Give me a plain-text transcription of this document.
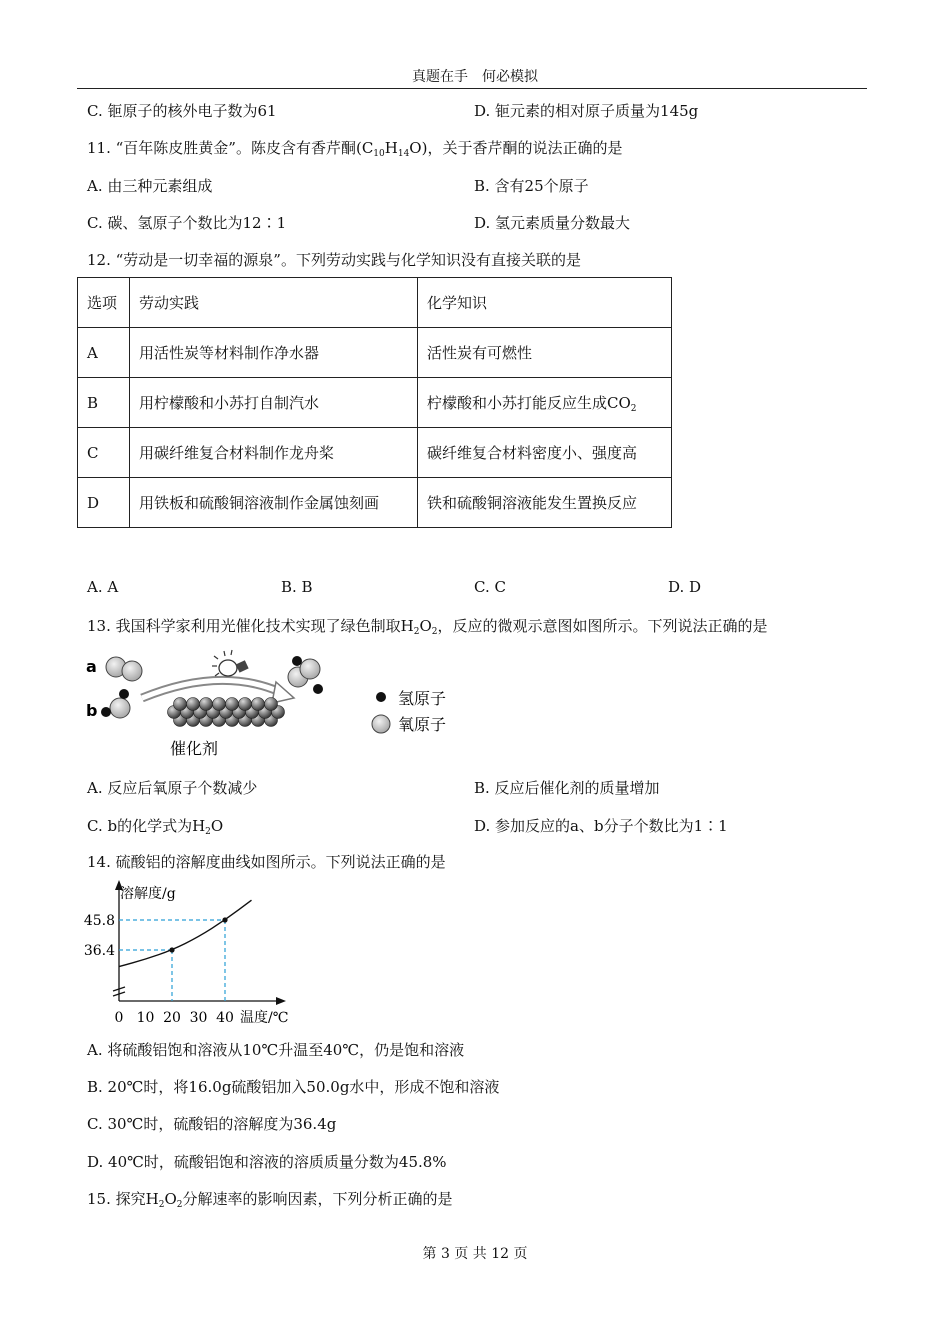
真题在手　何必模拟
C. 钷原子的核外电子数为61	D. 钷元素的相对原子质量为145g
11. “百年陈皮胜黄金”。陈皮含有香芹酮$(C_{10}H_{14}O)$，关于香芹酮的说法正确的是
A. 由三种元素组成	B. 含有25个原子
C. 碳、氢原子个数比为12∶1	D. 氢元素质量分数最大
12. “劳动是一切幸福的源泉”。下列劳动实践与化学知识没有直接关联的是
选项	劳动实践	化学知识
A	用活性炭等材料制作净水器	活性炭有可燃性
B	用柠檬酸和小苏打自制汽水	柠檬酸和小苏打能反应生成$CO_2$
C	用碳纤维复合材料制作龙舟桨	碳纤维复合材料密度小、强度高
D	用铁板和硫酸铜溶液制作金属蚀刻画	铁和硫酸铜溶液能发生置换反应
A. A	B. B	C. C	D. D
13. 我国科学家利用光催化技术实现了绿色制取$H_2O_2$，反应的微观示意图如图所示。下列说法正确的是
a
b
氢原子
氧原子
催化剂
A. 反应后氧原子个数减少	B. 反应后催化剂的质量增加
C. b的化学式为$H_2O$	D. 参加反应的a、b分子个数比为1∶1
14. 硫酸铝的溶解度曲线如图所示。下列说法正确的是
溶解度/g
温度/℃
36.4
45.8
0 10 20 30 40
A. 将硫酸铝饱和溶液从10℃升温至40℃，仍是饱和溶液
B. 20℃时，将16.0g硫酸铝加入50.0g水中，形成不饱和溶液
C. 30℃时，硫酸铝的溶解度为36.4g
D. 40℃时，硫酸铝饱和溶液的溶质质量分数为45.8%
15. 探究$H_2O_2$分解速率的影响因素，下列分析正确的是
第 3 页 共 12 页
